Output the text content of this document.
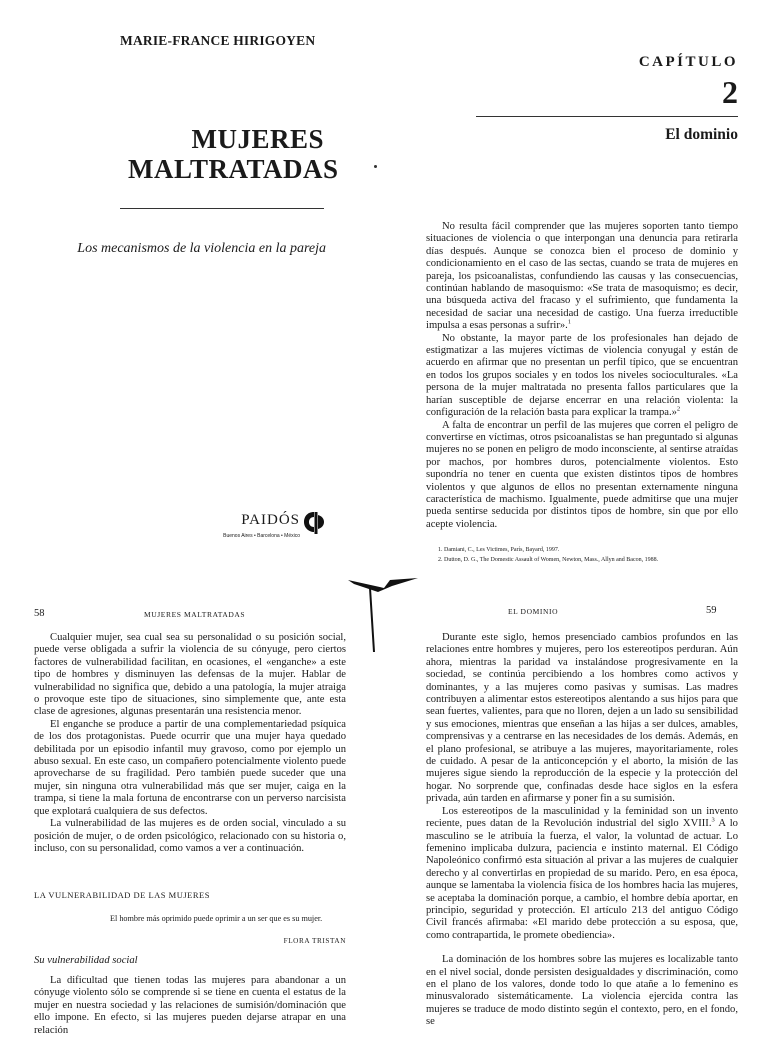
MARIE-FRANCE HIRIGOYEN
MUJERES
MALTRATADAS
Los mecanismos de la violencia en la pareja
PAIDÓS
Buenos Aires • Barcelona • México
CAPÍTULO
2
El dominio

No resulta fácil comprender que las mujeres soporten tanto tiempo situaciones de violencia o que interpongan una denuncia para retirarla días después. Aunque se conozca bien el proceso de dominio y condicionamiento en el caso de las sectas, cuando se trata de mujeres en pareja, los psicoanalistas, confundiendo las causas y las consecuencias, continúan hablando de masoquismo: «Se trata de masoquismo; es decir, una búsqueda activa del fracaso y el sufrimiento, que fundamenta la necesidad de saciar una necesidad de castigo. Una fuerza irreductible impulsa a esas personas a sufrir».$^1$

No obstante, la mayor parte de los profesionales han dejado de estigmatizar a las mujeres víctimas de violencia conyugal y están de acuerdo en afirmar que no presentan un perfil típico, que se encuentran en todos los grupos sociales y en todos los niveles socioculturales. «La persona de la mujer maltratada no presenta fallos particulares que la harían susceptible de dejarse encerrar en una relación violenta: la configuración de la relación basta para explicar la trampa.»$^2$

A falta de encontrar un perfil de las mujeres que corren el peligro de convertirse en víctimas, otros psicoanalistas se han preguntado si algunas mujeres no se ponen en peligro de modo inconsciente, al sentirse atraídas por machos, por hombres duros, potencialmente violentos. Esto supondría no tener en cuenta que existen distintos tipos de hombres violentos y que algunos de ellos no presentan externamente ninguna característica de machismo. Igualmente, puede admitirse que una mujer pueda sentirse seducida por distintos tipos de hombre, sin que por ello acepte violencia.

1. Damiani, C., Les Victimes, París, Bayard, 1997.
2. Dutton, D. G., The Domestic Assault of Women, Newton, Mass., Allyn and Bacon, 1988.
58	MUJERES MALTRATADAS

Cualquier mujer, sea cual sea su personalidad o su posición social, puede verse obligada a sufrir la violencia de su cónyuge, pero ciertos factores de vulnerabilidad facilitan, en ocasiones, el «enganche» a este tipo de hombres y disminuyen las defensas de la mujer. Hablar de vulnerabilidad no significa que, debido a una patología, la mujer atraiga o provoque este tipo de situaciones, sino simplemente que, ante esta clase de agresiones, algunas presentarán una resistencia menor.

El enganche se produce a partir de una complementariedad psíquica de los dos protagonistas. Puede ocurrir que una mujer haya quedado debilitada por un episodio infantil muy gravoso, como por ejemplo un abuso sexual. En este caso, un compañero potencialmente violento puede aprovecharse de su fragilidad. Pero también puede suceder que una mujer, sin ninguna otra vulnerabilidad más que ser mujer, caiga en la trampa, si tiene la mala fortuna de encontrarse con un perverso narcisista que explotará cualquiera de sus defectos.

La vulnerabilidad de las mujeres es de orden social, vinculado a su posición de mujer, o de orden psicológico, relacionado con su historia o, incluso, con su personalidad, como vamos a ver a continuación.

LA VULNERABILIDAD DE LAS MUJERES
El hombre más oprimido puede oprimir a un ser que es su mujer.
FLORA TRISTAN
Su vulnerabilidad social

La dificultad que tienen todas las mujeres para abandonar a un cónyuge violento sólo se comprende si se tiene en cuenta el estatus de la mujer en nuestra sociedad y las relaciones de sumisión/dominación que ello impone. En efecto, si las mujeres pueden dejarse atrapar en una relación

EL DOMINIO	59

Durante este siglo, hemos presenciado cambios profundos en las relaciones entre hombres y mujeres, pero los estereotipos perduran. Aún ahora, mientras la paridad va instalándose progresivamente en la sociedad, se continúa percibiendo a los hombres como activos y dominantes, y a las mujeres como pasivas y sumisas. Las madres contribuyen a alimentar estos estereotipos alentando a sus hijos para que sean fuertes, valientes, para que no lloren, dejen a un lado su sensibilidad y sus emociones, mientras que enseñan a las hijas a ser dulces, amables, comprensivas y a centrarse en las necesidades de los demás. Además, en el plano profesional, se atribuye a las mujeres, mayoritariamente, roles de cuidado. A pesar de la anticoncepción y el aborto, la misión de las mujeres sigue siendo la reproducción de la especie y la protección del hogar. No sorprende que, confinadas desde hace siglos en la esfera privada, aún tarden en afirmarse y poner fin a su sumisión.

Los estereotipos de la masculinidad y la feminidad son un invento reciente, pues datan de la Revolución industrial del siglo XVIII.$^3$ A lo masculino se le atribuía la fuerza, el valor, la voluntad de actuar. Lo femenino implicaba dulzura, paciencia e instinto maternal. El Código Napoleónico confirmó esta situación al privar a las mujeres de cualquier derecho y al convertirlas en propiedad de su marido. Pero, en esa época, aunque se lamentaba la violencia física de los hombres hacia las mujeres, se aceptaba la dominación porque, a cambio, el hombre debía aportar, en principio, seguridad y protección. El artículo 213 del antiguo Código Civil francés afirmaba: «El marido debe protección a su esposa, que, como contrapartida, le promete obediencia».

La dominación de los hombres sobre las mujeres es localizable tanto en el nivel social, donde persisten desigualdades y discriminación, como en el plano de los valores, donde todo lo que atañe a lo femenino es minusvalorado sistemáticamente. La violencia ejercida contra las mujeres se traduce de modo distinto según el contexto, pero, en el fondo, se
